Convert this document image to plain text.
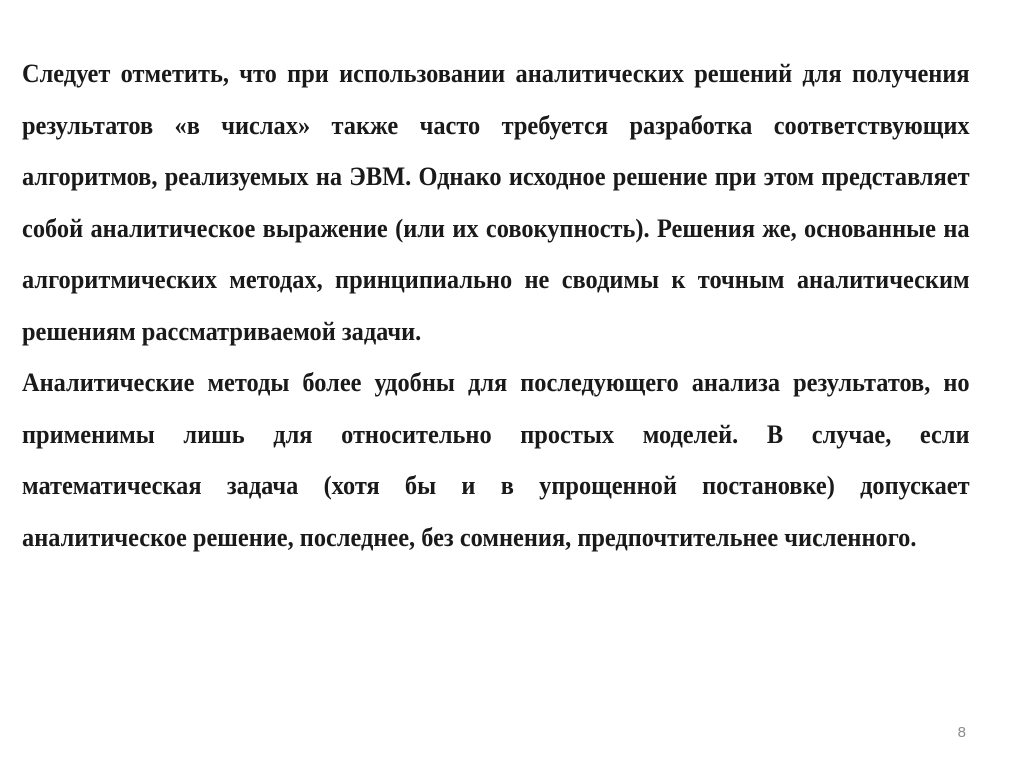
Следует отметить, что при использовании аналитических решений для получения результатов «в числах» также часто требуется разработка соответствующих алгоритмов, реализуемых на ЭВМ. Однако исходное решение при этом представляет собой аналитическое выражение (или их совокупность). Решения же, основанные на алгоритмических методах, принципиально не сводимы к точным аналитическим решениям рассматриваемой задачи.

Аналитические методы более удобны для последующего анализа результатов, но применимы лишь для относительно простых моделей. В случае, если математическая задача (хотя бы и в упрощенной постановке) допускает аналитическое решение, последнее, без сомнения, предпочтительнее численного.

8
